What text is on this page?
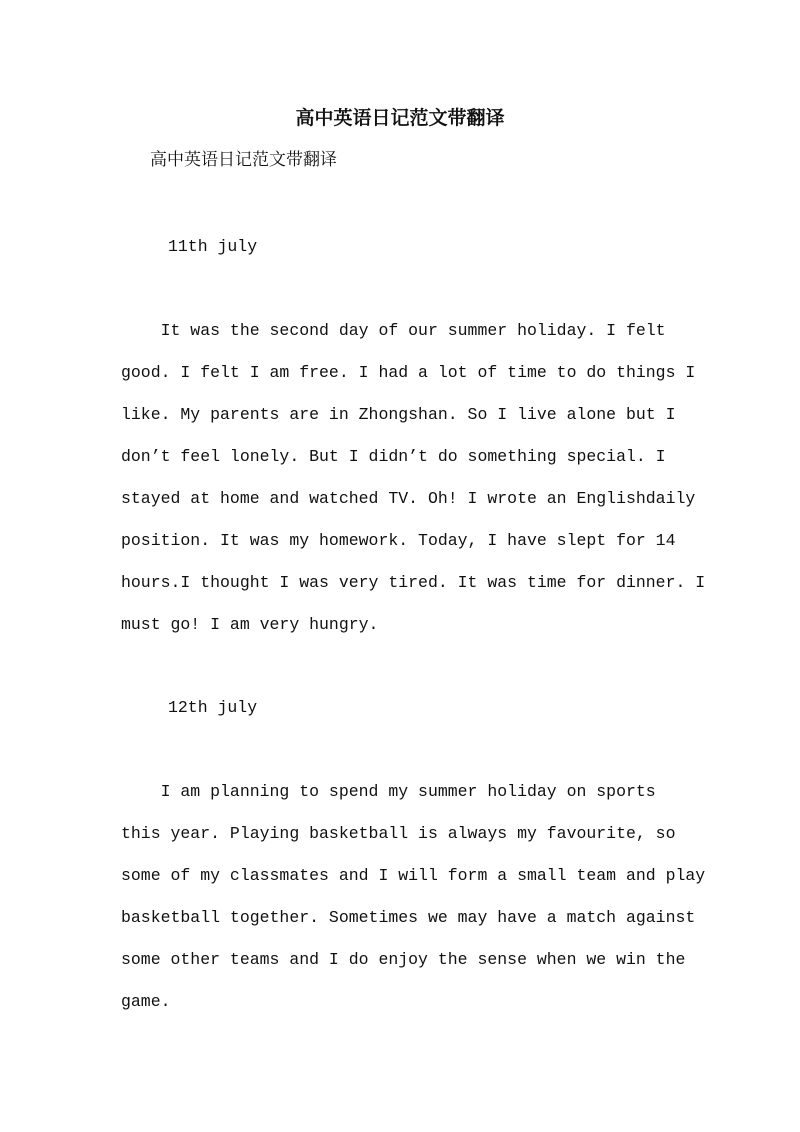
高中英语日记范文带翻译

高中英语日记范文带翻译

11th july

It was the second day of our summer holiday. I felt

good. I felt I am free. I had a lot of time to do things I

like. My parents are in Zhongshan. So I live alone but I

don’t feel lonely. But I didn’t do something special. I

stayed at home and watched TV. Oh! I wrote an Englishdaily

position. It was my homework. Today, I have slept for 14

hours.I thought I was very tired. It was time for dinner. I

must go! I am very hungry.

12th july

I am planning to spend my summer holiday on sports

this year. Playing basketball is always my favourite, so

some of my classmates and I will form a small team and play

basketball together. Sometimes we may have a match against

some other teams and I do enjoy the sense when we win the

game.
